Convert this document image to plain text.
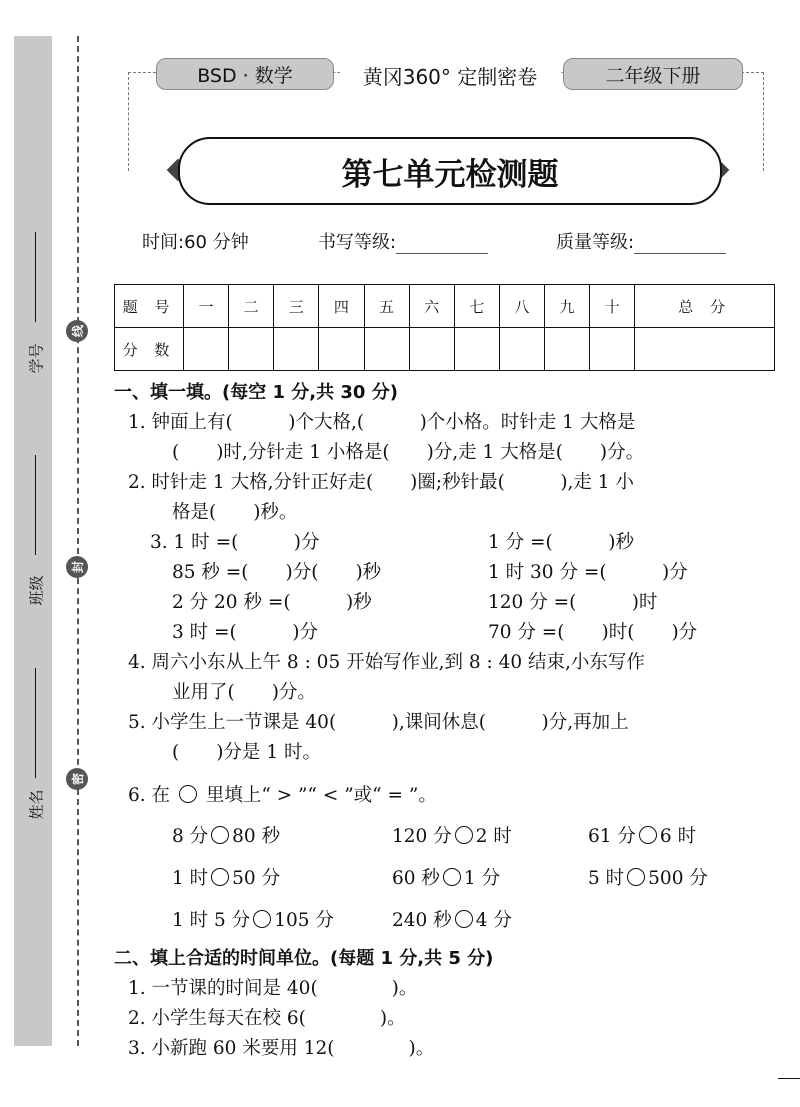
线
封
密
学号
班级
姓名
BSD · 数学	黄冈360° 定制密卷	二年级下册
第七单元检测题
时间:60 分钟	书写等级:	质量等级:
题 号	一	二	三	四	五	六	七	八	九	十	总 分
分 数											
一、填一填。(每空 1 分,共 30 分)

1. 钟面上有(　　　)个大格,(　　　)个小格。时针走 1 大格是

(　　)时,分针走 1 小格是(　　)分,走 1 大格是(　　)分。

2. 时针走 1 大格,分针正好走(　　)圈;秒针最(　　　),走 1 小

格是(　　)秒。

3. 1 时 =(　　　)分	1 分 =(　　　)秒
85 秒 =(　　)分(　　)秒	1 时 30 分 =(　　　)分
2 分 20 秒 =(　　　)秒	120 分 =(　　　)时
3 时 =(　　　)分	70 分 =(　　)时(　　)分

4. 周六小东从上午 8 : 05 开始写作业,到 8 : 40 结束,小东写作

业用了(　　)分。

5. 小学生上一节课是 40(　　　),课间休息(　　　)分,再加上

(　　)分是 1 时。

6. 在 里填上“ > ”“ < ”或“ = ”。

8 分 80 秒	120 分 2 时	61 分 6 时
1 时 50 分	60 秒 1 分	5 时 500 分
1 时 5 分 105 分	240 秒 4 分
二、填上合适的时间单位。(每题 1 分,共 5 分)

1. 一节课的时间是 40(　　　　)。

2. 小学生每天在校 6(　　　　)。

3. 小新跑 60 米要用 12(　　　　)。
